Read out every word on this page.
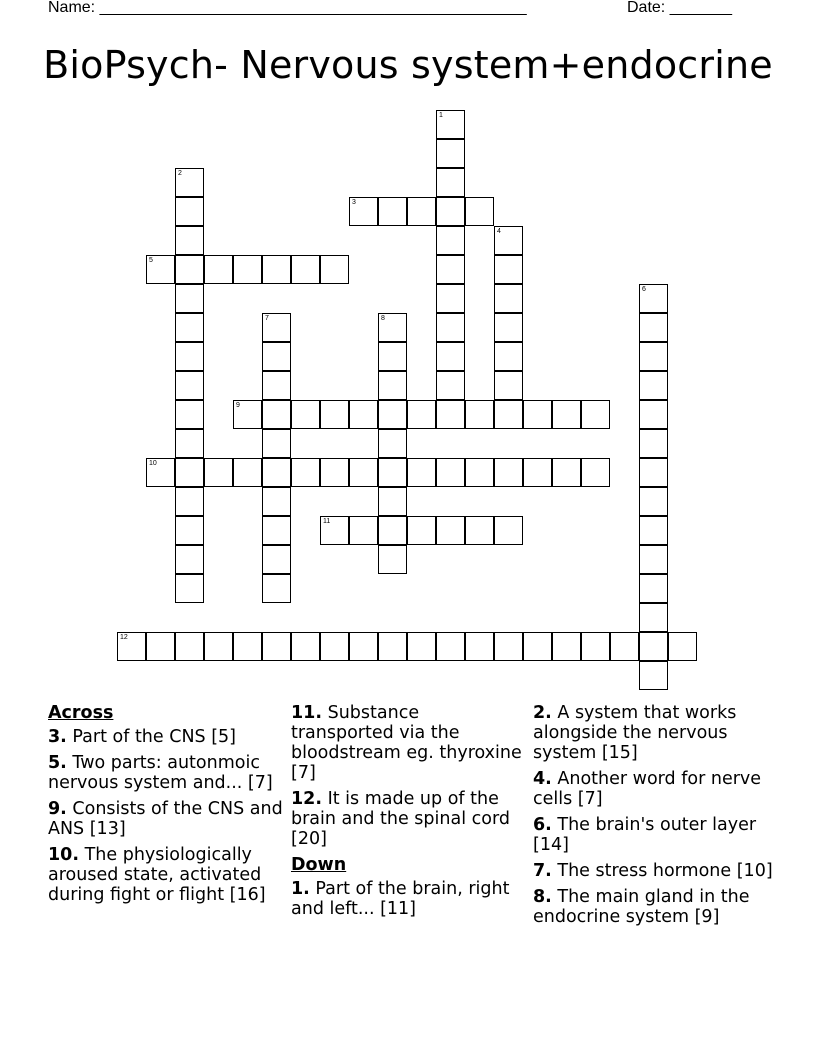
Name: ________________________________________________	Date: _______
BioPsych- Nervous system+endocrine
1
2
3
4
5
6
7	8
9
10
11
12
Across
3. Part of the CNS [5]
5. Two parts: autonmoic nervous system and... [7]
9. Consists of the CNS and ANS [13]
10. The physiologically aroused state, activated during fight or flight [16]
11. Substance transported via the bloodstream eg. thyroxine [7]
12. It is made up of the brain and the spinal cord [20]
Down
1. Part of the brain, right and left... [11]
2. A system that works alongside the nervous system [15]
4. Another word for nerve cells [7]
6. The brain's outer layer [14]
7. The stress hormone [10]
8. The main gland in the endocrine system [9]
